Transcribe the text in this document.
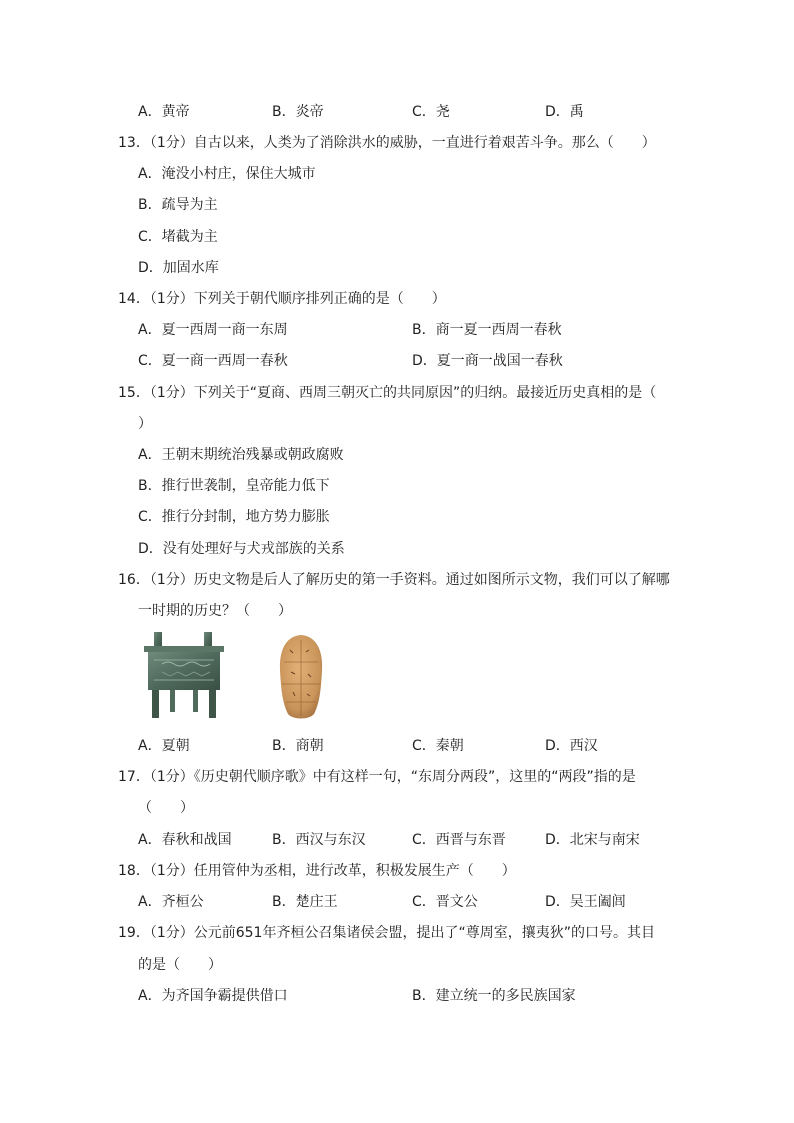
A．黄帝	B．炎帝	C．尧	D．禹
13．（1分）自古以来，人类为了消除洪水的威胁，一直进行着艰苦斗争。那么（　　）
A．淹没小村庄，保住大城市
B．疏导为主
C．堵截为主
D．加固水库
14．（1分）下列关于朝代顺序排列正确的是（　　）
A．夏一西周一商一东周	B．商一夏一西周一春秋
C．夏一商一西周一春秋	D．夏一商一战国一春秋
15．（1分）下列关于“夏商、西周三朝灭亡的共同原因”的归纳。最接近历史真相的是（
）
A．王朝末期统治残暴或朝政腐败
B．推行世袭制，皇帝能力低下
C．推行分封制，地方势力膨胀
D．没有处理好与犬戎部族的关系
16．（1分）历史文物是后人了解历史的第一手资料。通过如图所示文物，我们可以了解哪
一时期的历史？（　　）
A．夏朝	B．商朝	C．秦朝	D．西汉
17．（1分）《历史朝代顺序歌》中有这样一句，“东周分两段”，这里的“两段”指的是
（　　）
A．春秋和战国	B．西汉与东汉	C．西晋与东晋	D．北宋与南宋
18．（1分）任用管仲为丞相，进行改革，积极发展生产（　　）
A．齐桓公	B．楚庄王	C．晋文公	D．吴王阖闾
19．（1分）公元前651年齐桓公召集诸侯会盟，提出了“尊周室，攘夷狄”的口号。其目
的是（　　）
A．为齐国争霸提供借口	B．建立统一的多民族国家
